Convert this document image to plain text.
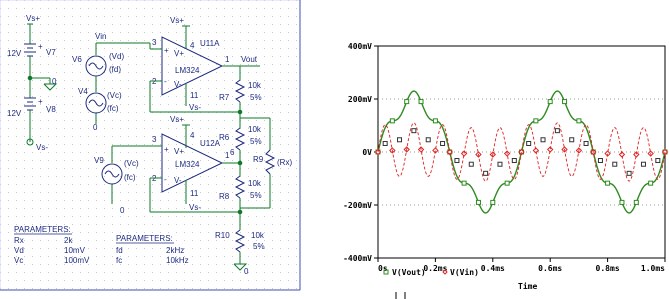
Vs+
+
+
V7
12V
V8
12V
0
Vs-
Vs+
U11A
LM324
V+
V-
+
-
3
2
4
11
1
Vs-
Vout
Vs+
U12A
LM324
V+
V-
+
-
3
2
4
11
1
Vs-
R7
10k
5%
R9 (Rx)
R6
10k
5%
6
R8
10k
5%
R10	10k
5%
0
Vin
V6	(Vd)
(fd)
V4 (Vc)
(fc)
0
V9	(Vc)
(fc)
0
PARAMETERS:
Rx	2k
Vd	10mV
Vc	100mV
PARAMETERS:
fd	2kHz
fc	10kHz
400mV
200mV
0V
-200mV
-400mV
0s	0.2ms	0.4ms	0.6ms	0.8ms	1.0ms
V(Vout)	V(Vin)
Time
